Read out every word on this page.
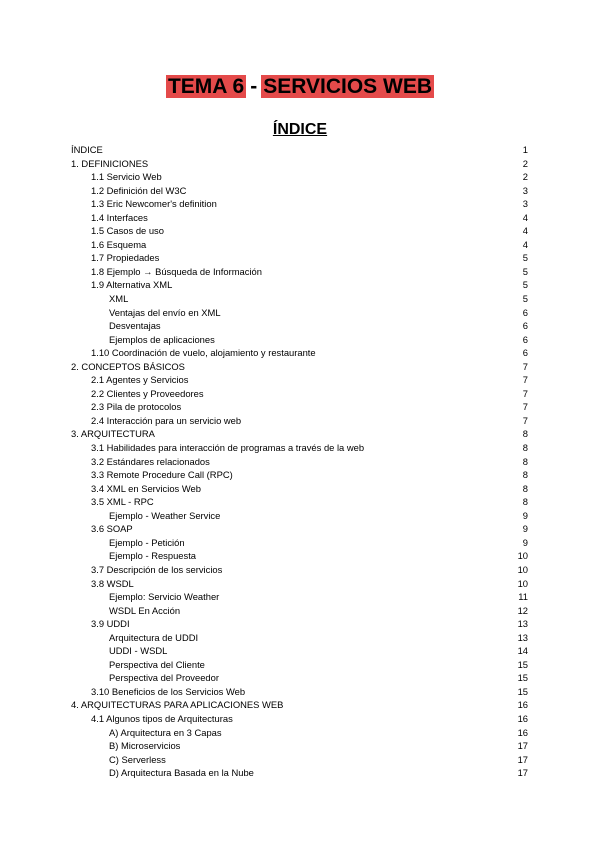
TEMA 6 - SERVICIOS WEB
ÍNDICE
ÍNDICE	1
1. DEFINICIONES	2
1.1 Servicio Web	2
1.2 Definición del W3C	3
1.3 Eric Newcomer's definition	3
1.4 Interfaces	4
1.5 Casos de uso	4
1.6 Esquema	4
1.7 Propiedades	5
1.8 Ejemplo → Búsqueda de Información	5
1.9 Alternativa XML	5
XML	5
Ventajas del envío en XML	6
Desventajas	6
Ejemplos de aplicaciones	6
1.10 Coordinación de vuelo, alojamiento y restaurante	6
2. CONCEPTOS BÁSICOS	7
2.1 Agentes y Servicios	7
2.2 Clientes y Proveedores	7
2.3 Pila de protocolos	7
2.4 Interacción para un servicio web	7
3. ARQUITECTURA	8
3.1 Habilidades para interacción de programas a través de la web	8
3.2 Estándares relacionados	8
3.3 Remote Procedure Call (RPC)	8
3.4 XML en Servicios Web	8
3.5 XML - RPC	8
Ejemplo - Weather Service	9
3.6 SOAP	9
Ejemplo - Petición	9
Ejemplo - Respuesta	10
3.7 Descripción de los servicios	10
3.8 WSDL	10
Ejemplo: Servicio Weather	11
WSDL En Acción	12
3.9 UDDI	13
Arquitectura de UDDI	13
UDDI - WSDL	14
Perspectiva del Cliente	15
Perspectiva del Proveedor	15
3.10 Beneficios de los Servicios Web	15
4. ARQUITECTURAS PARA APLICACIONES WEB	16
4.1 Algunos tipos de Arquitecturas	16
A) Arquitectura en 3 Capas	16
B) Microservicios	17
C) Serverless	17
D) Arquitectura Basada en la Nube	17
